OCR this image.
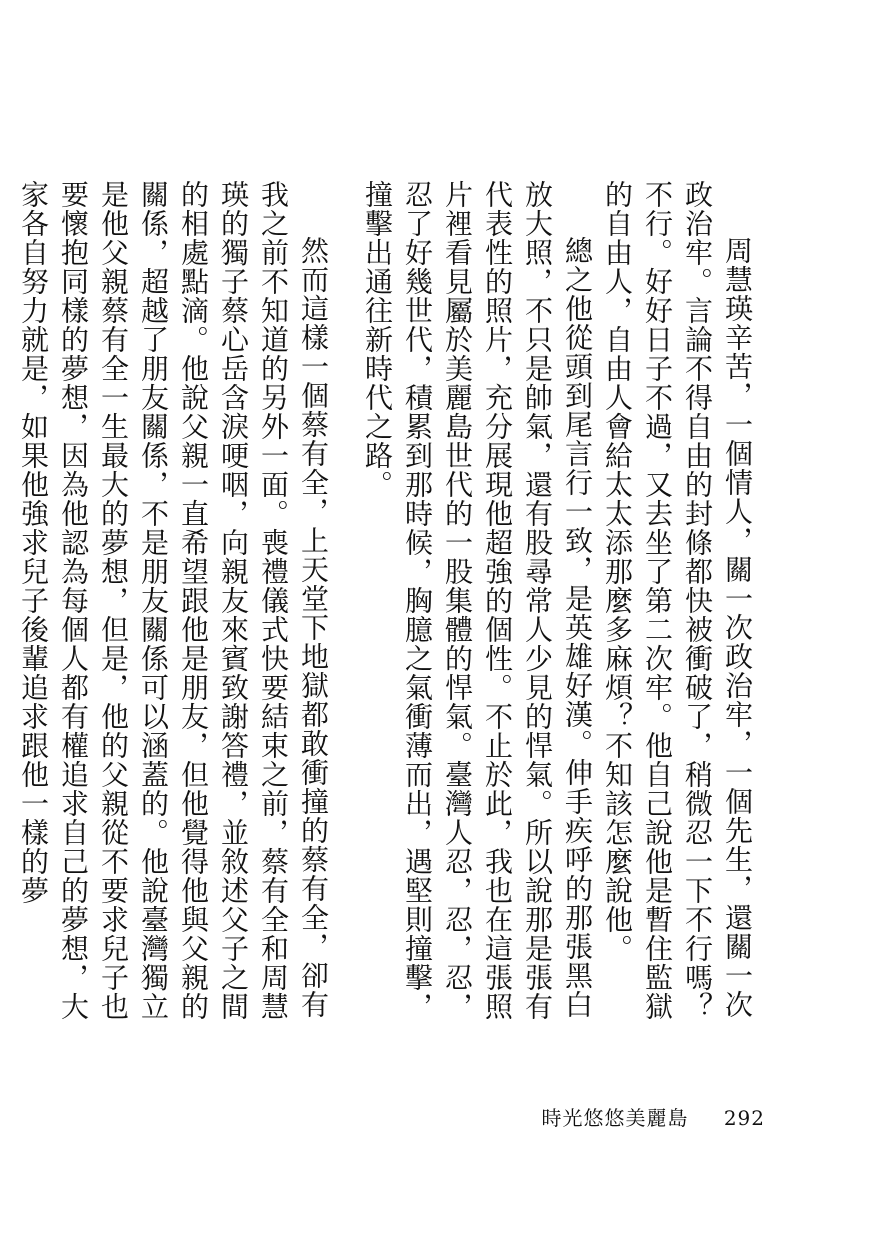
周慧瑛辛苦，一個情人，關一次政治牢，一個先生，還關一次政治牢。言論不得自由的封條都快被衝破了，稍微忍一下不行嗎？不行。好好日子不過，又去坐了第二次牢。他自己說他是暫住監獄的自由人，自由人會給太太添那麼多麻煩？不知該怎麼說他。

總之他從頭到尾言行一致，是英雄好漢。伸手疾呼的那張黑白放大照，不只是帥氣，還有股尋常人少見的悍氣。所以說那是張有代表性的照片，充分展現他超強的個性。不止於此，我也在這張照片裡看見屬於美麗島世代的一股集體的悍氣。臺灣人忍，忍，忍，忍了好幾世代，積累到那時候，胸臆之氣衝薄而出，遇堅則撞擊，撞擊出通往新時代之路。

然而這樣一個蔡有全，上天堂下地獄都敢衝撞的蔡有全，卻有我之前不知道的另外一面。喪禮儀式快要結束之前，蔡有全和周慧瑛的獨子蔡心岳含淚哽咽，向親友來賓致謝答禮，並敘述父子之間的相處點滴。他說父親一直希望跟他是朋友，但他覺得他與父親的關係，超越了朋友關係，不是朋友關係可以涵蓋的。他說臺灣獨立是他父親蔡有全一生最大的夢想，但是，他的父親從不要求兒子也要懷抱同樣的夢想，因為他認為每個人都有權追求自己的夢想，大家各自努力就是，如果他強求兒子後輩追求跟他一樣的夢

時光悠悠美麗島 292
